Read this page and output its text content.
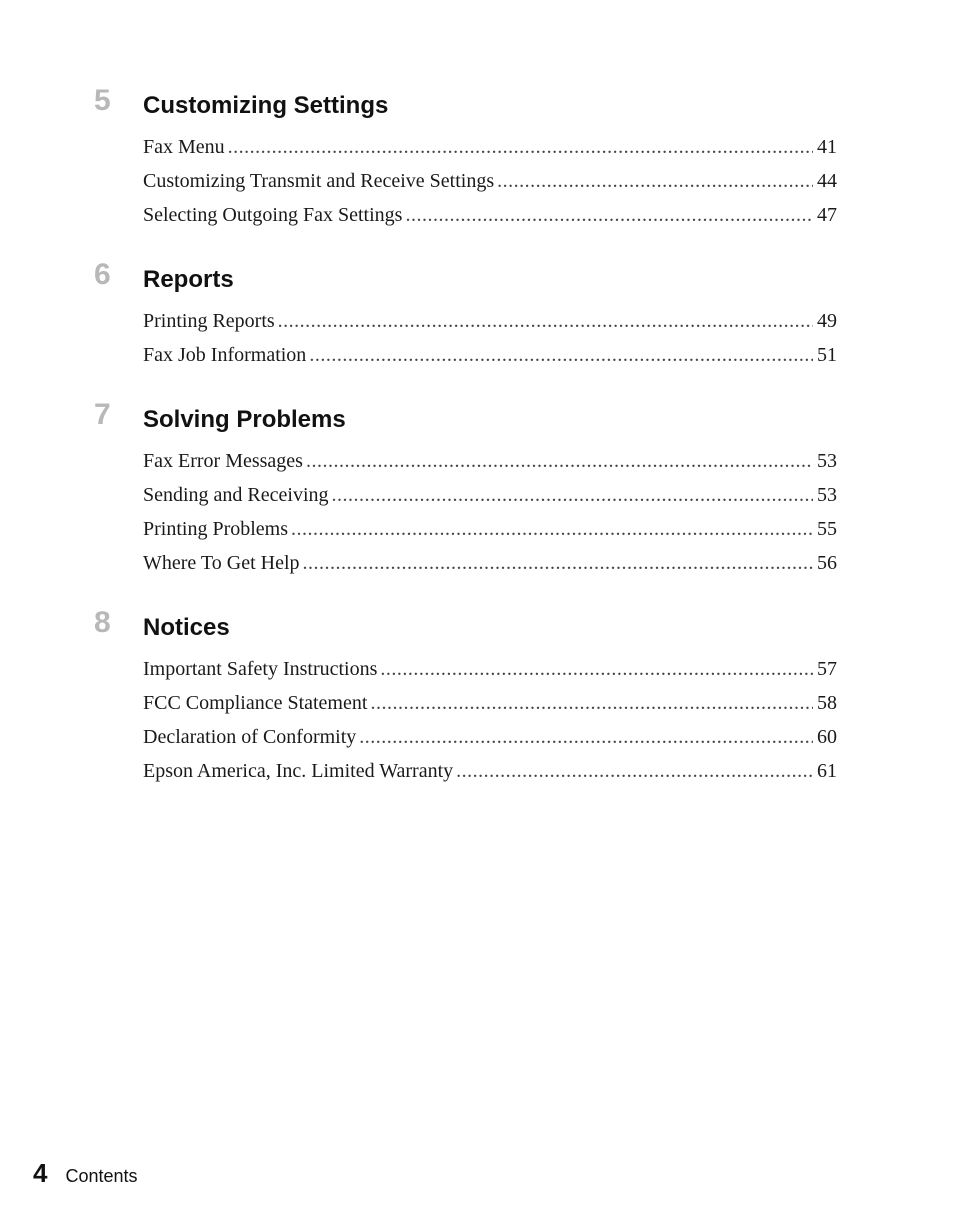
5 Customizing Settings
Fax Menu .....	41
Customizing Transmit and Receive Settings .....	44
Selecting Outgoing Fax Settings .....	47
6 Reports
Printing Reports .....	49
Fax Job Information .....	51
7 Solving Problems
Fax Error Messages .....	53
Sending and Receiving .....	53
Printing Problems .....	55
Where To Get Help .....	56
8 Notices
Important Safety Instructions .....	57
FCC Compliance Statement .....	58
Declaration of Conformity .....	60
Epson America, Inc. Limited Warranty .....	61
4 Contents
